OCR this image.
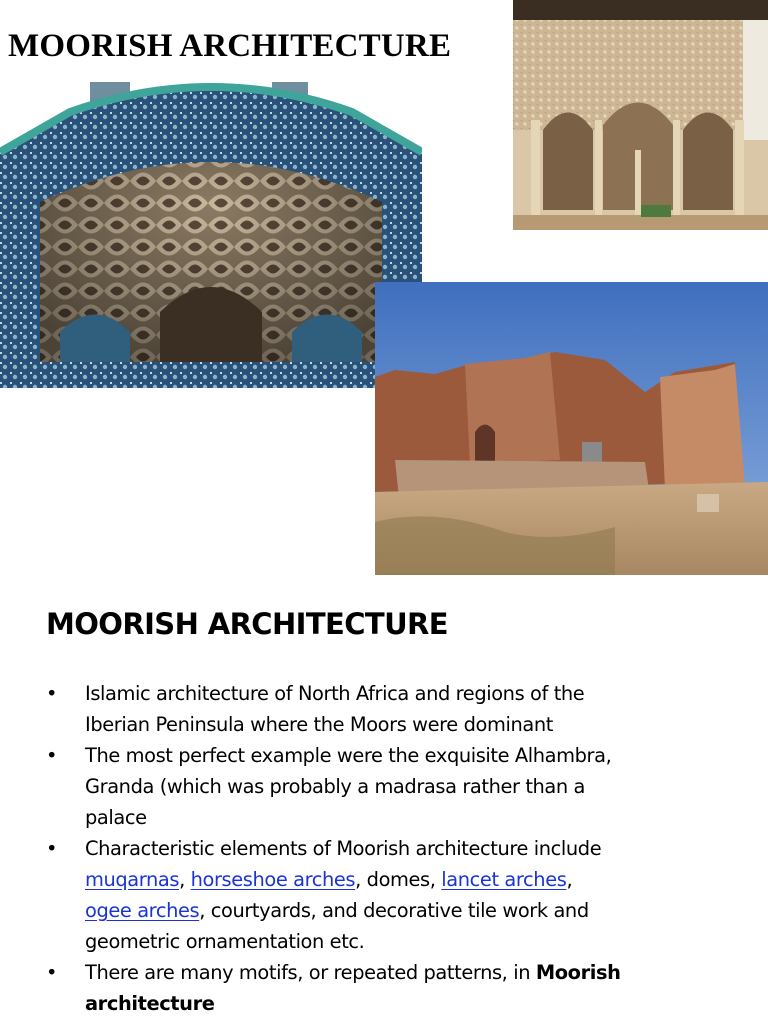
MOORISH ARCHITECTURE
MOORISH ARCHITECTURE
• Islamic architecture of North Africa and regions of the
Iberian Peninsula where the Moors were dominant
• The most perfect example were the exquisite Alhambra,
Granda (which was probably a madrasa rather than a
palace
• Characteristic elements of Moorish architecture include
muqarnas, horseshoe arches, domes, lancet arches,
ogee arches, courtyards, and decorative tile work and
geometric ornamentation etc.
• There are many motifs, or repeated patterns, in Moorish
architecture
